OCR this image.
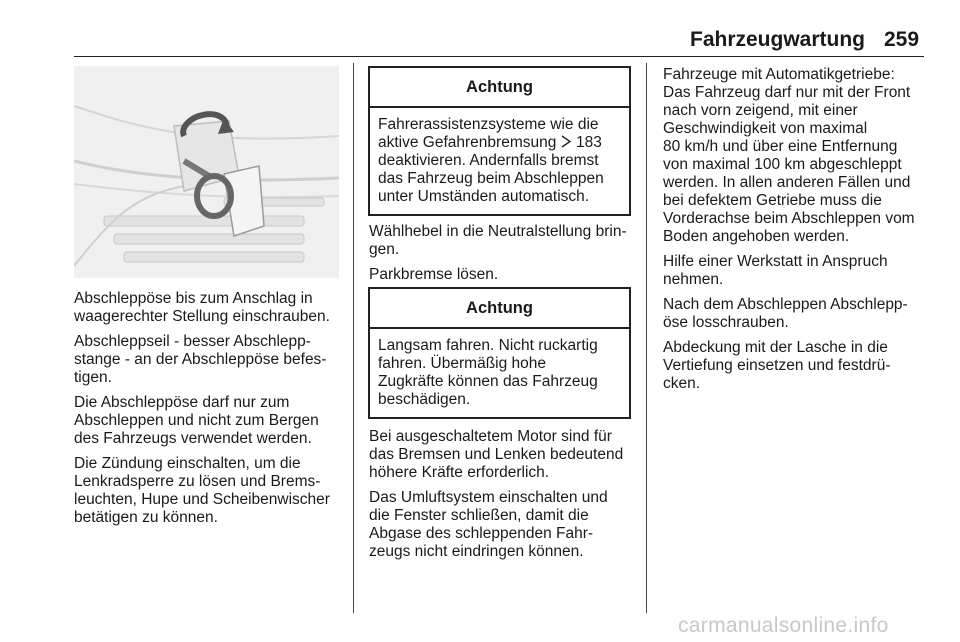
Fahrzeugwartung 259

Abschleppöse bis zum Anschlag in
waagerechter Stellung einschrauben.

Abschleppseil - besser Abschlepp-
stange - an der Abschleppöse befes-
tigen.

Die Abschleppöse darf nur zum
Abschleppen und nicht zum Bergen
des Fahrzeugs verwendet werden.

Die Zündung einschalten, um die
Lenkradsperre zu lösen und Brems-
leuchten, Hupe und Scheibenwischer
betätigen zu können.

Achtung
Fahrerassistenzsysteme wie die
aktive Gefahrenbremsung  183
deaktivieren. Andernfalls bremst
das Fahrzeug beim Abschleppen
unter Umständen automatisch.

Wählhebel in die Neutralstellung brin-
gen.

Parkbremse lösen.

Achtung
Langsam fahren. Nicht ruckartig
fahren. Übermäßig hohe
Zugkräfte können das Fahrzeug
beschädigen.

Bei ausgeschaltetem Motor sind für
das Bremsen und Lenken bedeutend
höhere Kräfte erforderlich.

Das Umluftsystem einschalten und
die Fenster schließen, damit die
Abgase des schleppenden Fahr-
zeugs nicht eindringen können.

Fahrzeuge mit Automatikgetriebe:
Das Fahrzeug darf nur mit der Front
nach vorn zeigend, mit einer
Geschwindigkeit von maximal
80 km/h und über eine Entfernung
von maximal 100 km abgeschleppt
werden. In allen anderen Fällen und
bei defektem Getriebe muss die
Vorderachse beim Abschleppen vom
Boden angehoben werden.

Hilfe einer Werkstatt in Anspruch
nehmen.

Nach dem Abschleppen Abschlepp-
öse losschrauben.

Abdeckung mit der Lasche in die
Vertiefung einsetzen und festdrü-
cken.

carmanualsonline.info
